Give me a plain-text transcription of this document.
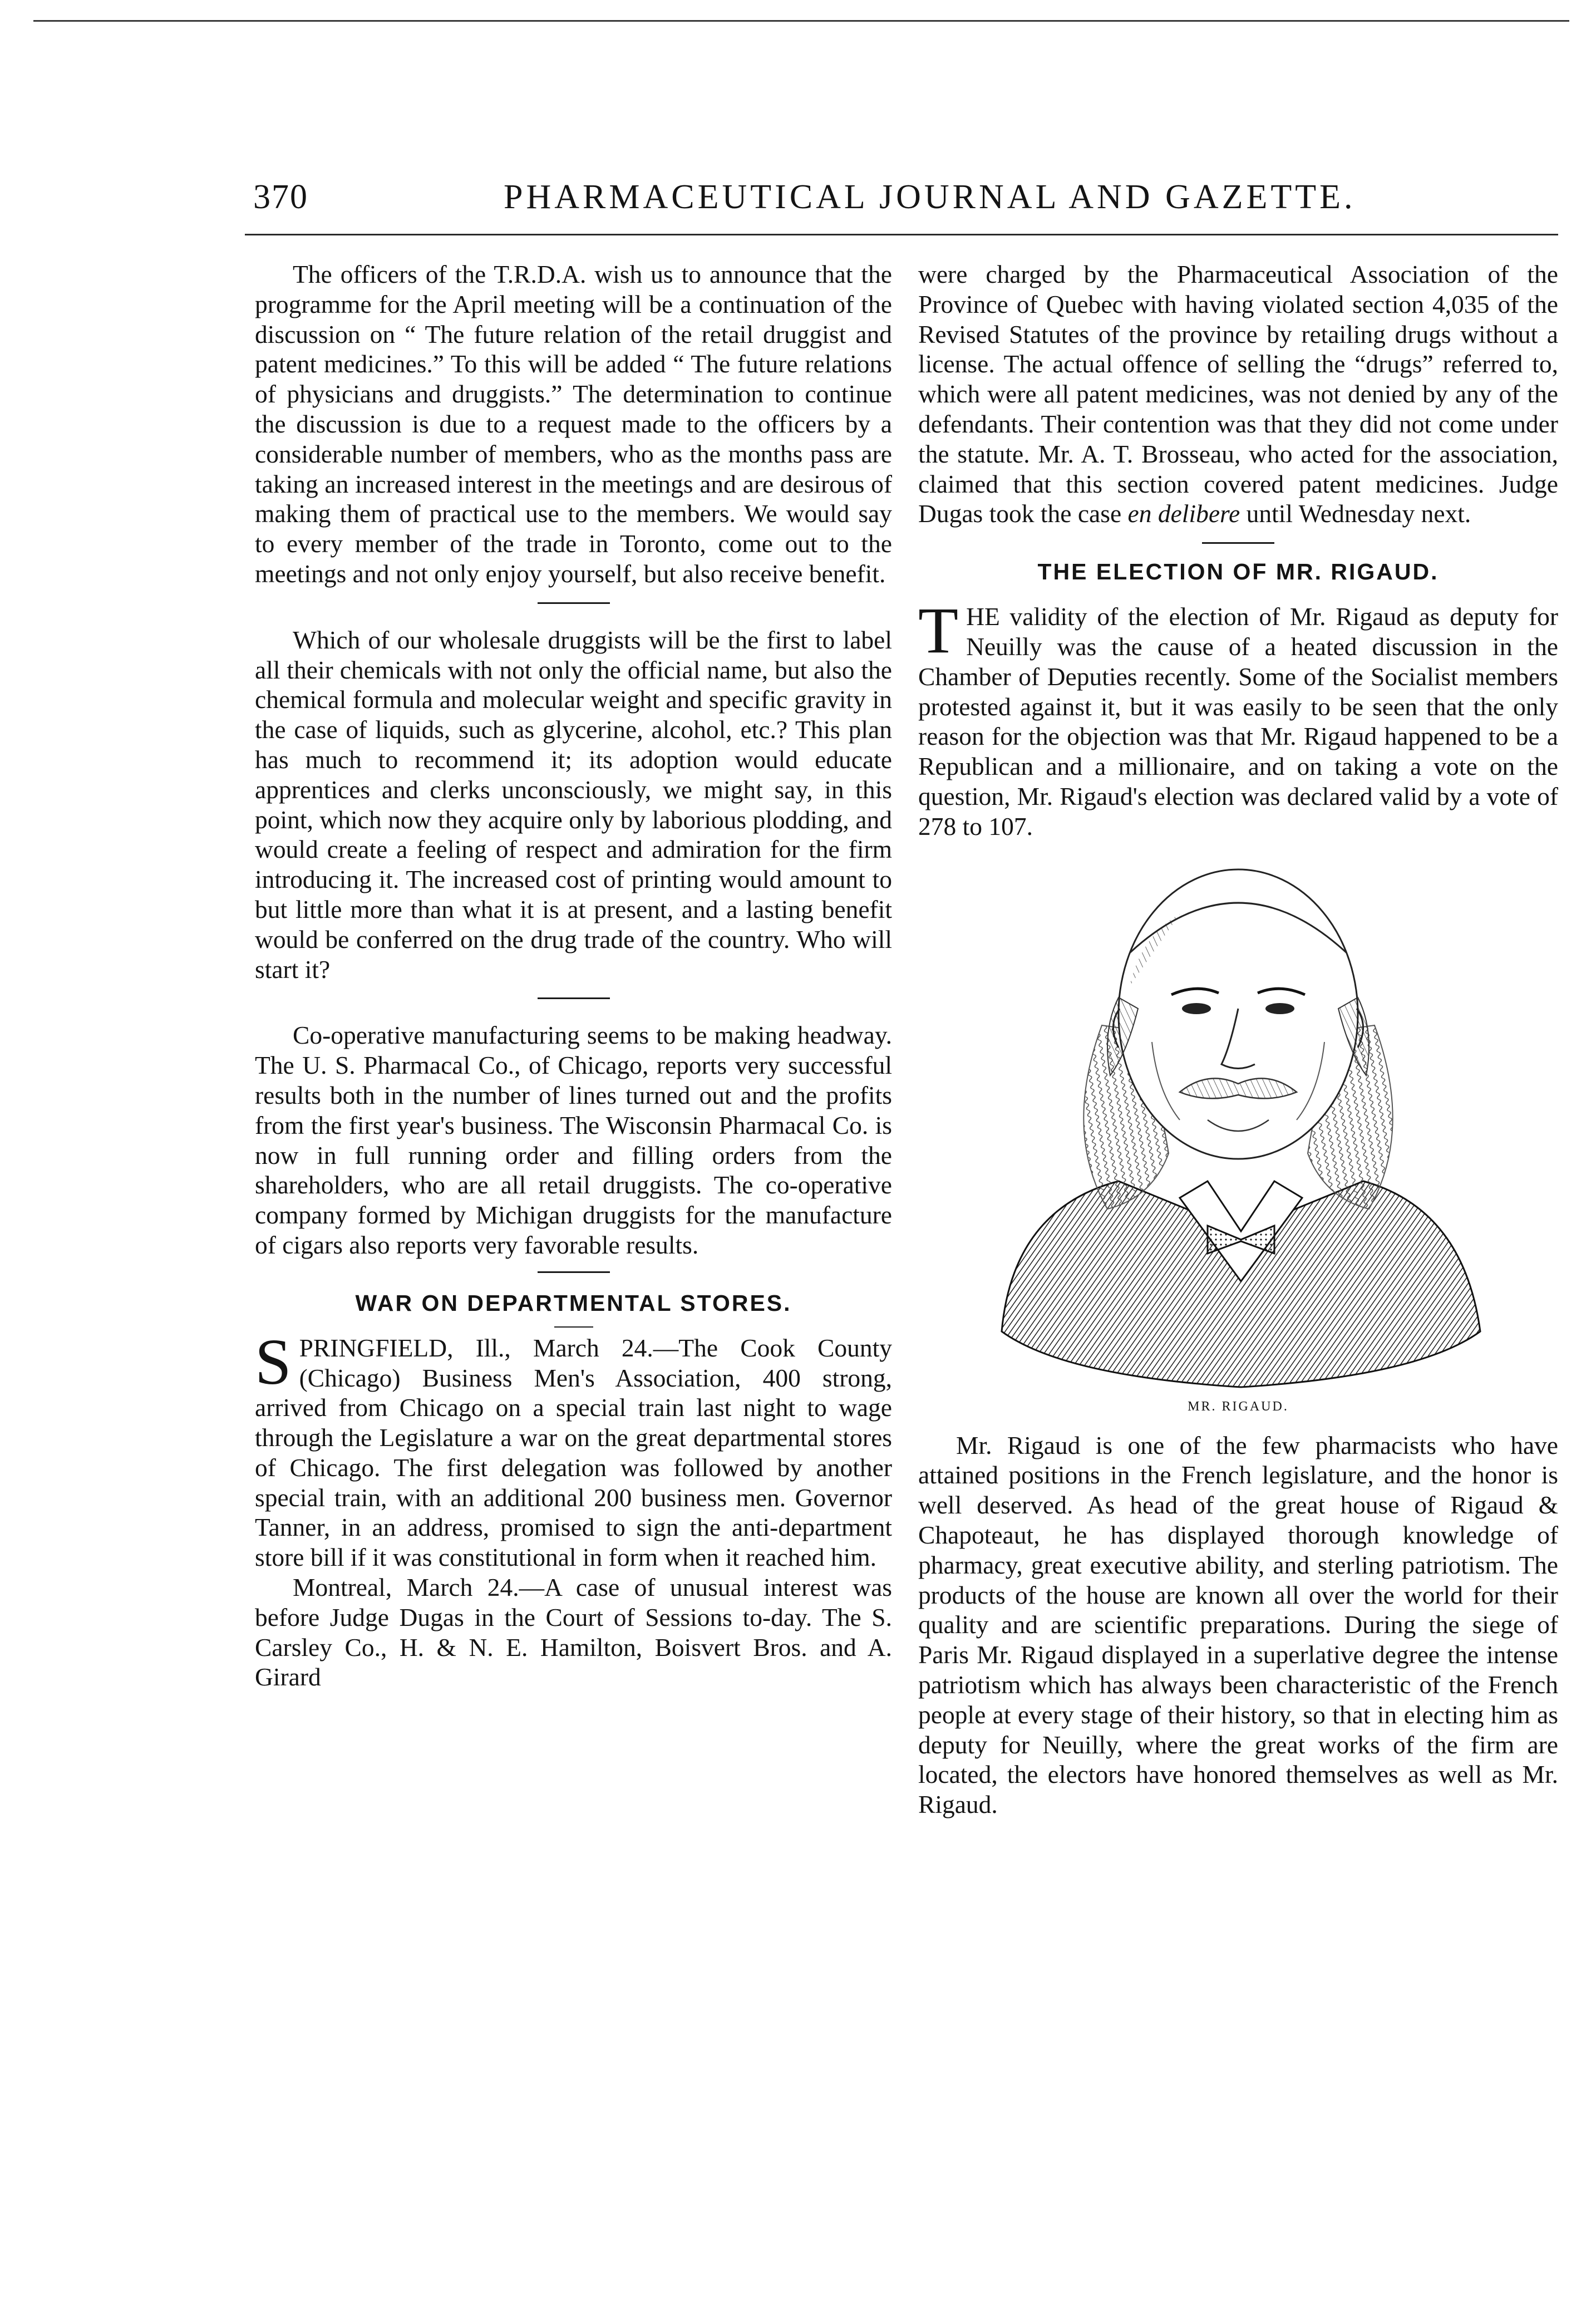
370	PHARMACEUTICAL JOURNAL AND GAZETTE.

The officers of the T.R.D.A. wish us to announce that the programme for the April meeting will be a continuation of the discussion on “ The future relation of the retail druggist and patent medicines.” To this will be added “ The future relations of physicians and druggists.” The determination to continue the discussion is due to a request made to the officers by a considerable number of members, who as the months pass are taking an increased interest in the meetings and are desirous of making them of practical use to the members. We would say to every member of the trade in Toronto, come out to the meetings and not only enjoy yourself, but also receive benefit.

Which of our wholesale druggists will be the first to label all their chemicals with not only the official name, but also the chemical formula and molecular weight and specific gravity in the case of liquids, such as glycerine, alcohol, etc.? This plan has much to recommend it; its adoption would educate apprentices and clerks unconsciously, we might say, in this point, which now they acquire only by laborious plodding, and would create a feeling of respect and admiration for the firm introducing it. The increased cost of printing would amount to but little more than what it is at present, and a lasting benefit would be conferred on the drug trade of the country. Who will start it?

Co-operative manufacturing seems to be making headway. The U. S. Pharmacal Co., of Chicago, reports very successful results both in the number of lines turned out and the profits from the first year's business. The Wisconsin Pharmacal Co. is now in full running order and filling orders from the shareholders, who are all retail druggists. The co-operative company formed by Michigan druggists for the manufacture of cigars also reports very favorable results.

WAR ON DEPARTMENTAL STORES.

SPRINGFIELD, Ill., March 24.—The Cook County (Chicago) Business Men's Association, 400 strong, arrived from Chicago on a special train last night to wage through the Legislature a war on the great departmental stores of Chicago. The first delegation was followed by another special train, with an additional 200 business men. Governor Tanner, in an address, promised to sign the anti-department store bill if it was constitutional in form when it reached him.

Montreal, March 24.—A case of unusual interest was before Judge Dugas in the Court of Sessions to-day. The S. Carsley Co., H. & N. E. Hamilton, Boisvert Bros. and A. Girard

were charged by the Pharmaceutical Association of the Province of Quebec with having violated section 4,035 of the Revised Statutes of the province by retailing drugs without a license. The actual offence of selling the “drugs” referred to, which were all patent medicines, was not denied by any of the defendants. Their contention was that they did not come under the statute. Mr. A. T. Brosseau, who acted for the association, claimed that this section covered patent medicines. Judge Dugas took the case en delibere until Wednesday next.

THE ELECTION OF MR. RIGAUD.

THE validity of the election of Mr. Rigaud as deputy for Neuilly was the cause of a heated discussion in the Chamber of Deputies recently. Some of the Socialist members protested against it, but it was easily to be seen that the only reason for the objection was that Mr. Rigaud happened to be a Republican and a millionaire, and on taking a vote on the question, Mr. Rigaud's election was declared valid by a vote of 278 to 107.

MR. RIGAUD.

Mr. Rigaud is one of the few pharmacists who have attained positions in the French legislature, and the honor is well deserved. As head of the great house of Rigaud & Chapoteaut, he has displayed thorough knowledge of pharmacy, great executive ability, and sterling patriotism. The products of the house are known all over the world for their quality and are scientific preparations. During the siege of Paris Mr. Rigaud displayed in a superlative degree the intense patriotism which has always been characteristic of the French people at every stage of their history, so that in electing him as deputy for Neuilly, where the great works of the firm are located, the electors have honored themselves as well as Mr. Rigaud.
